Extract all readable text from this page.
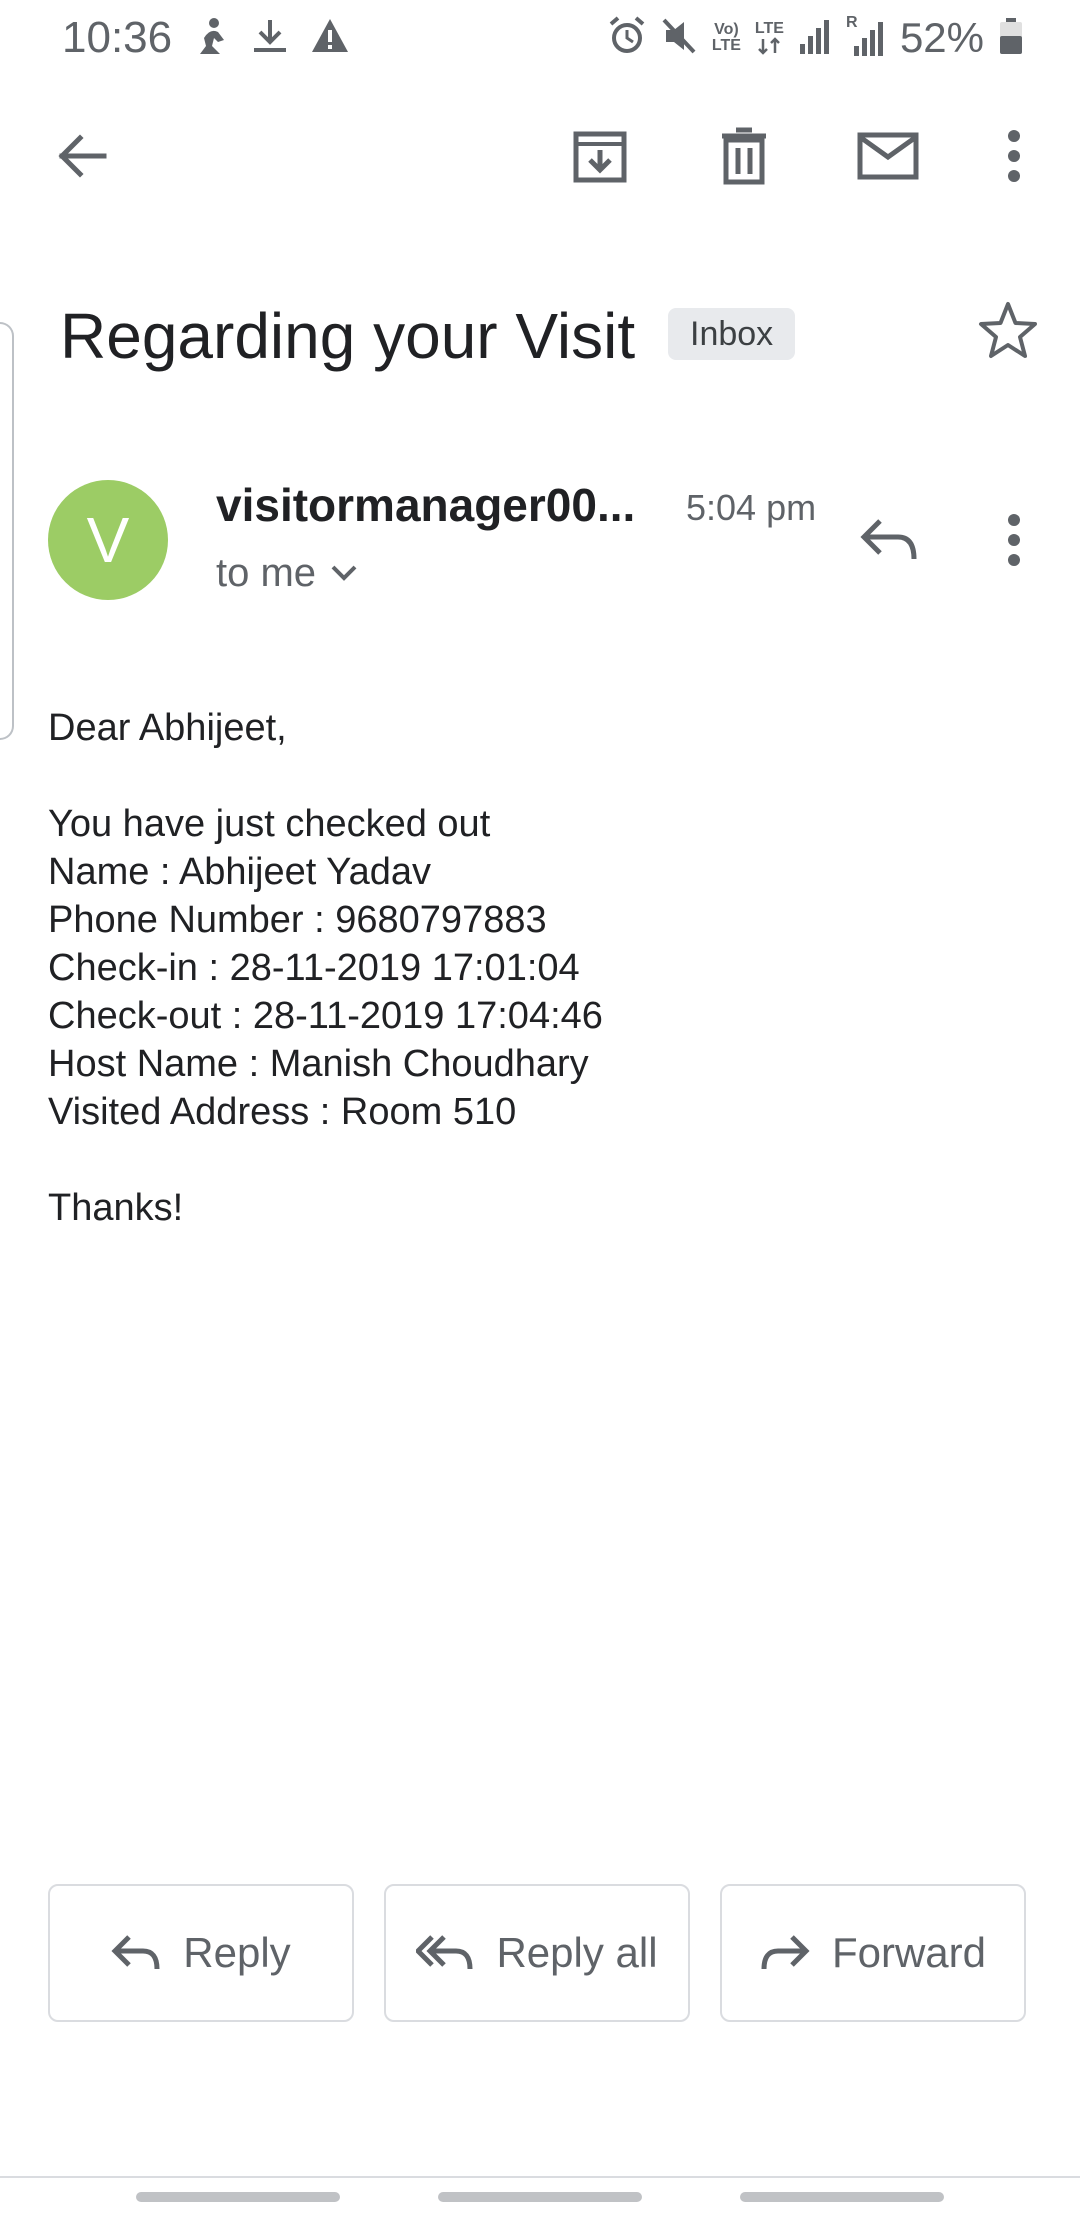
10:36	Vo)
LTE
LTE	R 52%
Regarding your Visit	Inbox
V	visitormanager00...	5:04 pm
to me
Dear Abhijeet,
You have just checked out
Name : Abhijeet Yadav
Phone Number : 9680797883
Check-in : 28-11-2019 17:01:04
Check-out : 28-11-2019 17:04:46
Host Name : Manish Choudhary
Visited Address : Room 510
Thanks!
Reply	Reply all	Forward
